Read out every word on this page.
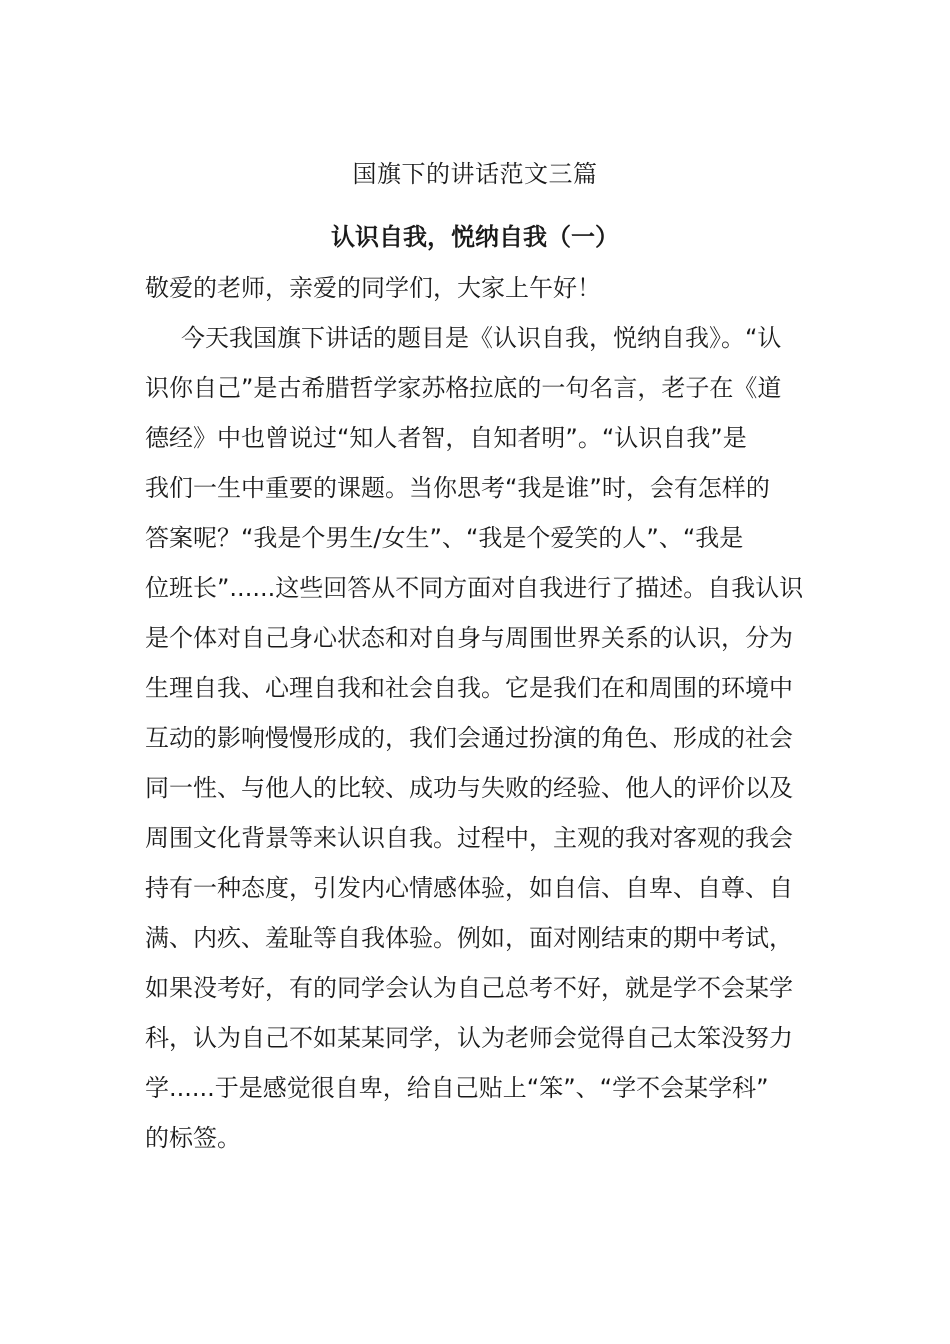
国旗下的讲话范文三篇
认识自我，悦纳自我（一）

敬爱的老师，亲爱的同学们，大家上午好！

今天我国旗下讲话的题目是《认识自我，悦纳自我》。“认
识你自己”是古希腊哲学家苏格拉底的一句名言，老子在《道
德经》中也曾说过“知人者智，自知者明”。“认识自我”是
我们一生中重要的课题。当你思考“我是谁”时，会有怎样的
答案呢？“我是个男生/女生”、“我是个爱笑的人”、“我是
位班长”......这些回答从不同方面对自我进行了描述。自我认识
是个体对自己身心状态和对自身与周围世界关系的认识，分为
生理自我、心理自我和社会自我。它是我们在和周围的环境中
互动的影响慢慢形成的，我们会通过扮演的角色、形成的社会
同一性、与他人的比较、成功与失败的经验、他人的评价以及
周围文化背景等来认识自我。过程中，主观的我对客观的我会
持有一种态度，引发内心情感体验，如自信、自卑、自尊、自
满、内疚、羞耻等自我体验。例如，面对刚结束的期中考试，
如果没考好，有的同学会认为自己总考不好，就是学不会某学
科，认为自己不如某某同学，认为老师会觉得自己太笨没努力
学......于是感觉很自卑，给自己贴上“笨”、“学不会某学科”
的标签。
